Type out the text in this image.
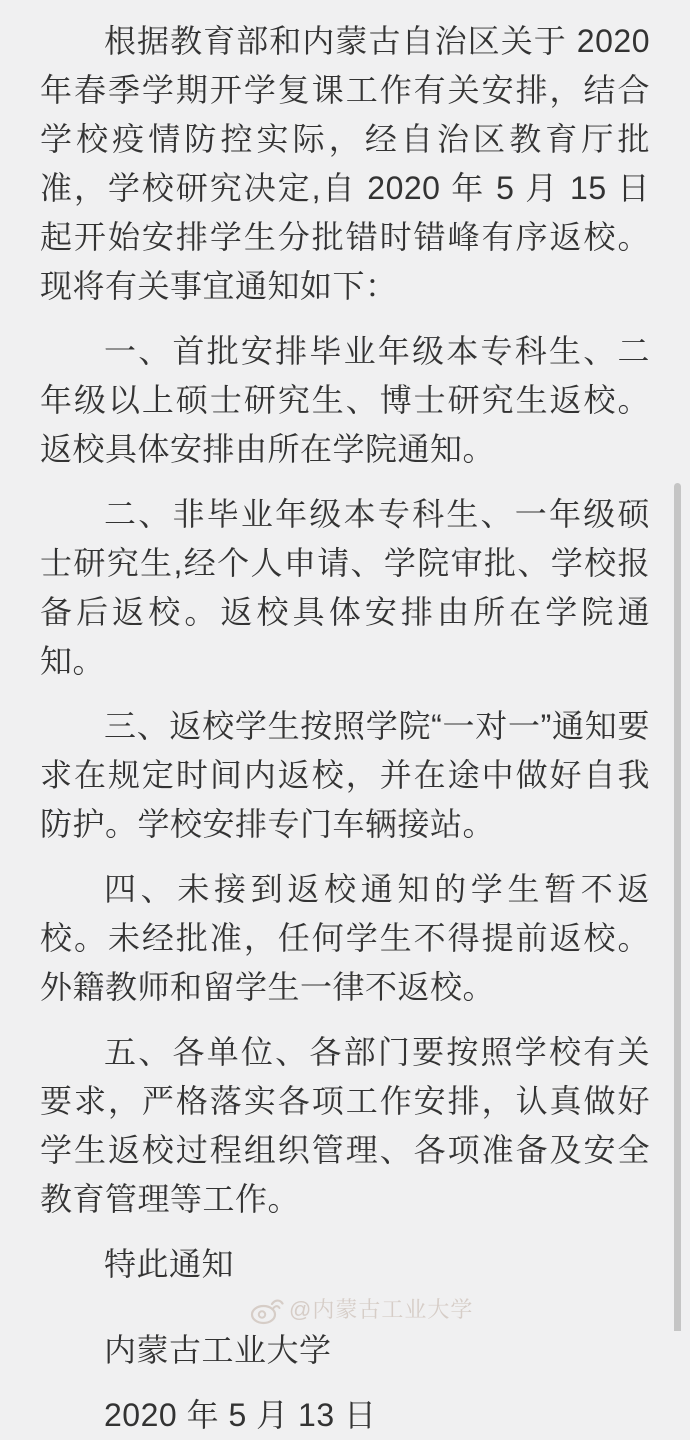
根据教育部和内蒙古自治区关于 2020 年春季学期开学复课工作有关安排，结合学校疫情防控实际，经自治区教育厅批准，学校研究决定,自 2020 年 5 月 15 日起开始安排学生分批错时错峰有序返校。现将有关事宜通知如下：

一、首批安排毕业年级本专科生、二年级以上硕士研究生、博士研究生返校。返校具体安排由所在学院通知。

二、非毕业年级本专科生、一年级硕士研究生,经个人申请、学院审批、学校报备后返校。返校具体安排由所在学院通知。

三、返校学生按照学院“一对一”通知要求在规定时间内返校，并在途中做好自我防护。学校安排专门车辆接站。

四、未接到返校通知的学生暂不返校。未经批准，任何学生不得提前返校。外籍教师和留学生一律不返校。

五、各单位、各部门要按照学校有关要求，严格落实各项工作安排，认真做好学生返校过程组织管理、各项准备及安全教育管理等工作。

特此通知

内蒙古工业大学

2020 年 5 月 13 日

@内蒙古工业大学
